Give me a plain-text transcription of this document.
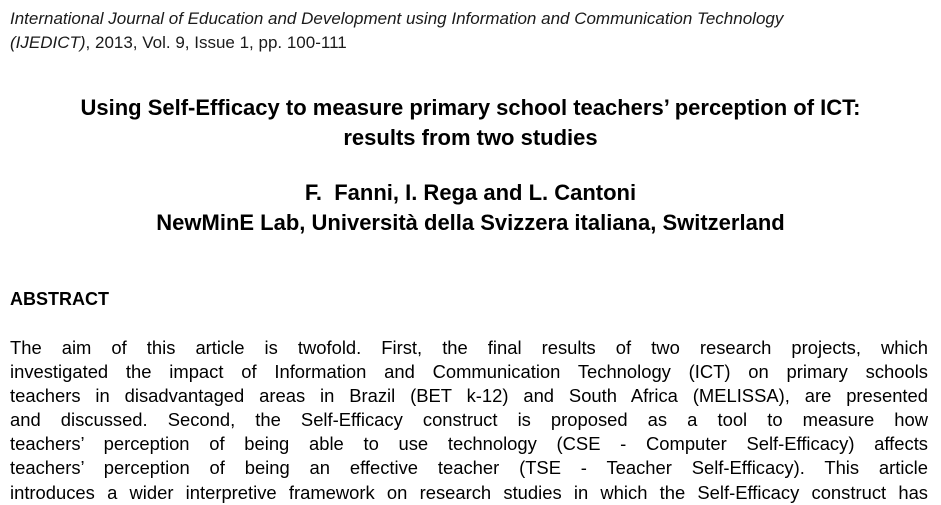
International Journal of Education and Development using Information and Communication Technology
(IJEDICT), 2013, Vol. 9, Issue 1, pp. 100-111
Using Self-Efficacy to measure primary school teachers’ perception of ICT:
results from two studies
F.  Fanni, I. Rega and L. Cantoni
NewMinE Lab, Università della Svizzera italiana, Switzerland
ABSTRACT
The aim of this article is twofold. First, the final results of two research projects, which
investigated the impact of Information and Communication Technology (ICT) on primary schools
teachers in disadvantaged areas in Brazil (BET k-12) and South Africa (MELISSA), are presented
and discussed. Second, the Self-Efficacy construct is proposed as a tool to measure how
teachers’ perception of being able to use technology (CSE - Computer Self-Efficacy) affects
teachers’ perception of being an effective teacher (TSE - Teacher Self-Efficacy). This article
introduces a wider interpretive framework on research studies in which the Self-Efficacy construct has
